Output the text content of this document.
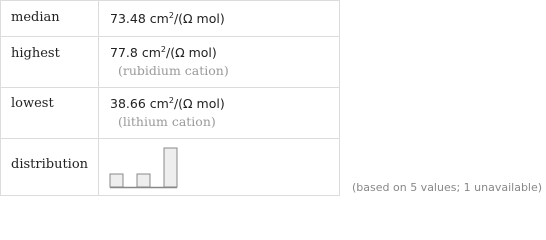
median	73.48 $cm^2/(\Omega$ mol)
highest	77.8 $cm^2/(\Omega$ mol)
(rubidium cation)
lowest	38.66 $cm^2/(\Omega$ mol)
(lithium cation)
distribution
(based on 5 values; 1 unavailable)
